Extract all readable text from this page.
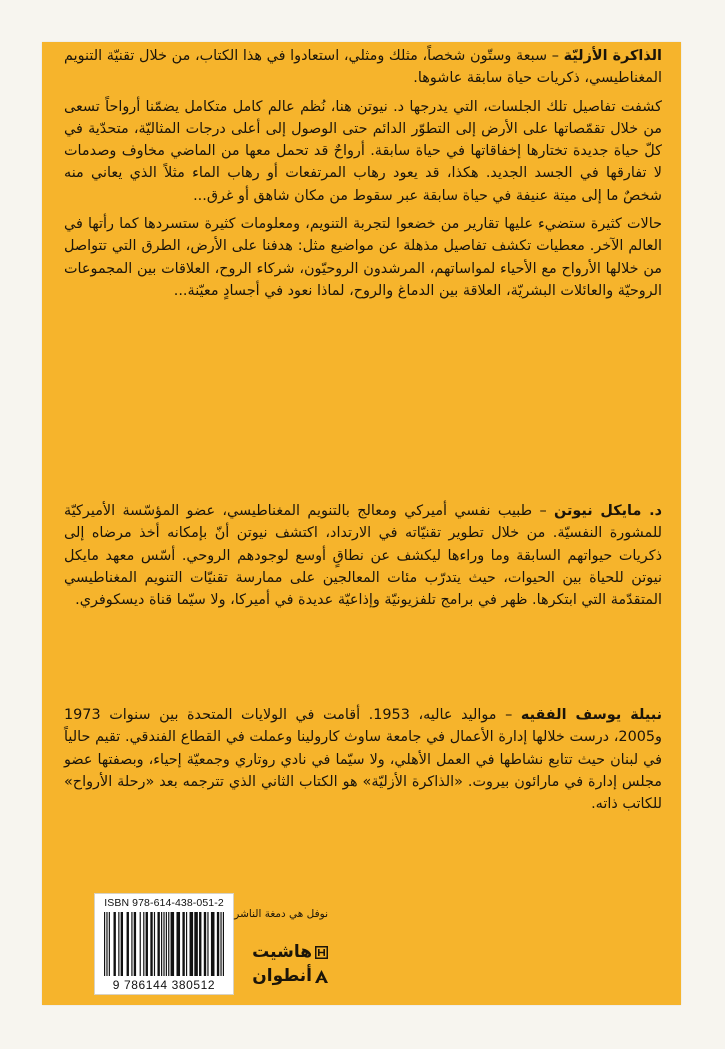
الذاكرة الأزليّة – سبعة وستّون شخصاً، مثلك ومثلي، استعادوا في هذا الكتاب، من خلال تقنيّة التنويم المغناطيسي، ذكريات حياة سابقة عاشوها.

كشفت تفاصيل تلك الجلسات، التي يدرجها د. نيوتن هنا، نُظم عالم كامل متكامل يضمّنا أرواحاً تسعى من خلال تقمّصاتها على الأرض إلى التطوّر الدائم حتى الوصول إلى أعلى درجات المثاليّة، متحدّية في كلّ حياة جديدة تختارها إخفاقاتها في حياة سابقة. أرواحٌ قد تحمل معها من الماضي مخاوف وصدمات لا تفارقها في الجسد الجديد. هكذا، قد يعود رهاب المرتفعات أو رهاب الماء مثلاً الذي يعاني منه شخصٌ ما إلى ميتة عنيفة في حياة سابقة عبر سقوط من مكان شاهق أو غرق...

حالات كثيرة ستضيء عليها تقارير من خضعوا لتجربة التنويم، ومعلومات كثيرة ستسردها كما رأتها في العالم الآخر. معطيات تكشف تفاصيل مذهلة عن مواضيع مثل: هدفنا على الأرض، الطرق التي تتواصل من خلالها الأرواح مع الأحياء لمواساتهم، المرشدون الروحيّون، شركاء الروح، العلاقات بين المجموعات الروحيّة والعائلات البشريّة، العلاقة بين الدماغ والروح، لماذا نعود في أجسادٍ معيّنة...

د. مايكل نيوتن – طبيب نفسي أميركي ومعالج بالتنويم المغناطيسي، عضو المؤسّسة الأميركيّة للمشورة النفسيّة. من خلال تطوير تقنيّاته في الارتداد، اكتشف نيوتن أنّ بإمكانه أخذ مرضاه إلى ذكريات حيواتهم السابقة وما وراءها ليكشف عن نطاقٍ أوسع لوجودهم الروحي. أسّس معهد مايكل نيوتن للحياة بين الحيوات، حيث يتدرّب مئات المعالجين على ممارسة تقنيّات التنويم المغناطيسي المتقدّمة التي ابتكرها. ظهر في برامج تلفزيونيّة وإذاعيّة عديدة في أميركا، ولا سيّما قناة ديسكوفري.

نبيلة يوسف الفقيه – مواليد عاليه، 1953. أقامت في الولايات المتحدة بين سنوات 1973 و2005، درست خلالها إدارة الأعمال في جامعة ساوث كارولينا وعملت في القطاع الفندقي. تقيم حالياً في لبنان حيث تتابع نشاطها في العمل الأهلي، ولا سيّما في نادي روتاري وجمعيّة إحياء، وبصفتها عضو مجلس إدارة في مارائون بيروت. «الذاكرة الأزليّة» هو الكتاب الثاني الذي تترجمه بعد «رحلة الأرواح» للكاتب ذاته.

ISBN 978-614-438-051-2
9 786144 380512
نوفل هي دمغة الناشر
هاشيت
أنطوان
